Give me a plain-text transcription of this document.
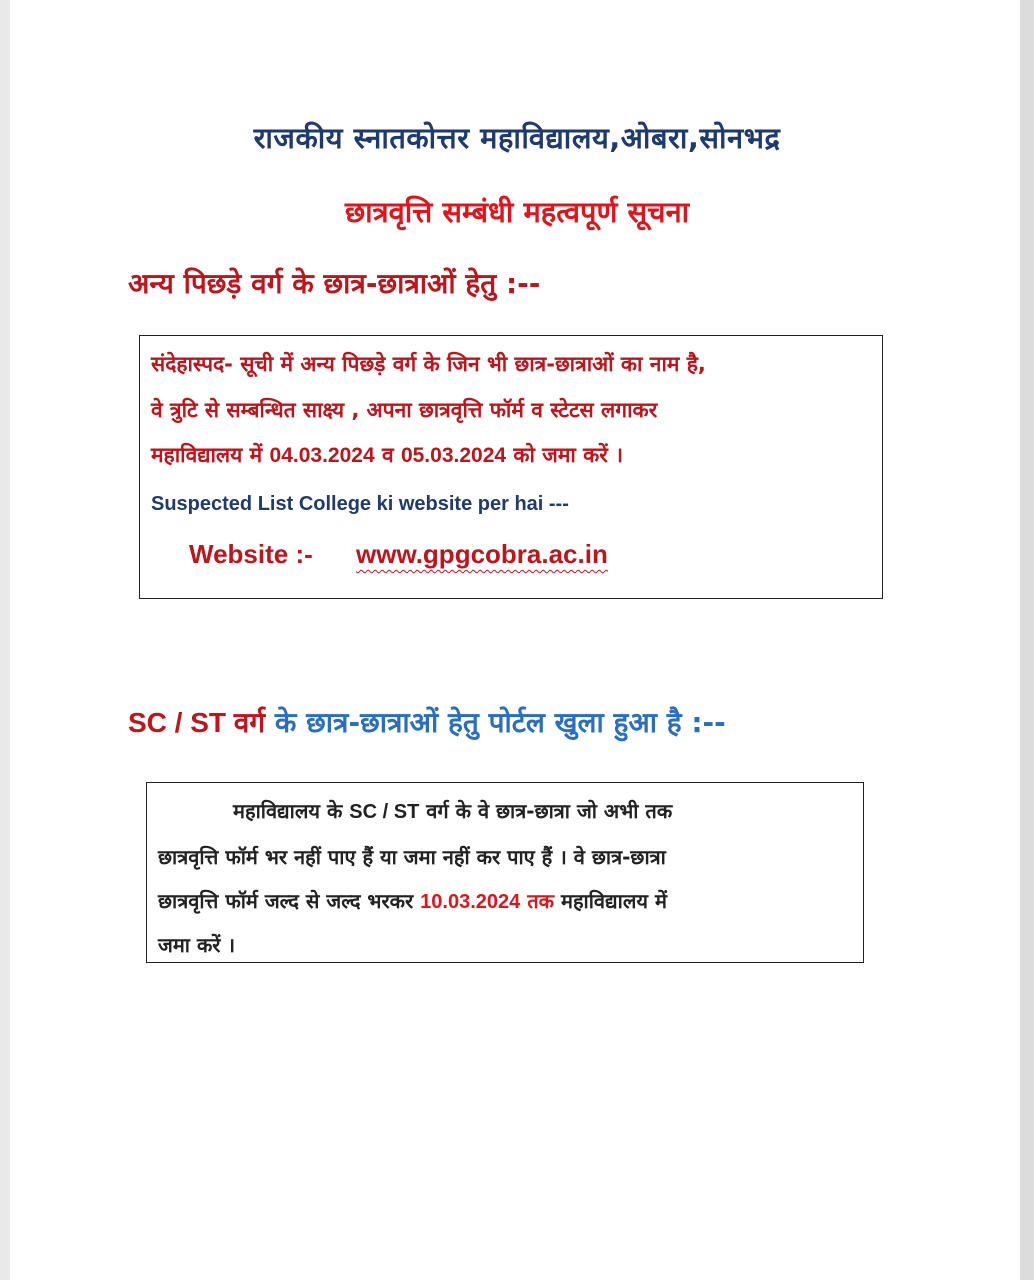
राजकीय स्नातकोत्तर महाविद्यालय,ओबरा,सोनभद्र
छात्रवृत्ति सम्बंधी महत्वपूर्ण सूचना
अन्य पिछड़े वर्ग के छात्र-छात्राओं हेतु :--
संदेहास्पद- सूची में अन्य पिछड़े वर्ग के जिन भी छात्र-छात्राओं का नाम है,
वे त्रुटि से सम्बन्धित साक्ष्य , अपना छात्रवृत्ति फॉर्म व स्टेटस लगाकर
महाविद्यालय में 04.03.2024 व 05.03.2024 को जमा करें ।
Suspected List College ki website per hai ---
Website :- www.gpgcobra.ac.in
SC / ST वर्ग के छात्र-छात्राओं हेतु पोर्टल खुला हुआ है :--
महाविद्यालय के SC / ST वर्ग के वे छात्र-छात्रा जो अभी तक
छात्रवृत्ति फॉर्म भर नहीं पाए हैं या जमा नहीं कर पाए हैं । वे छात्र-छात्रा
छात्रवृत्ति फॉर्म जल्द से जल्द भरकर 10.03.2024 तक महाविद्यालय में
जमा करें ।
